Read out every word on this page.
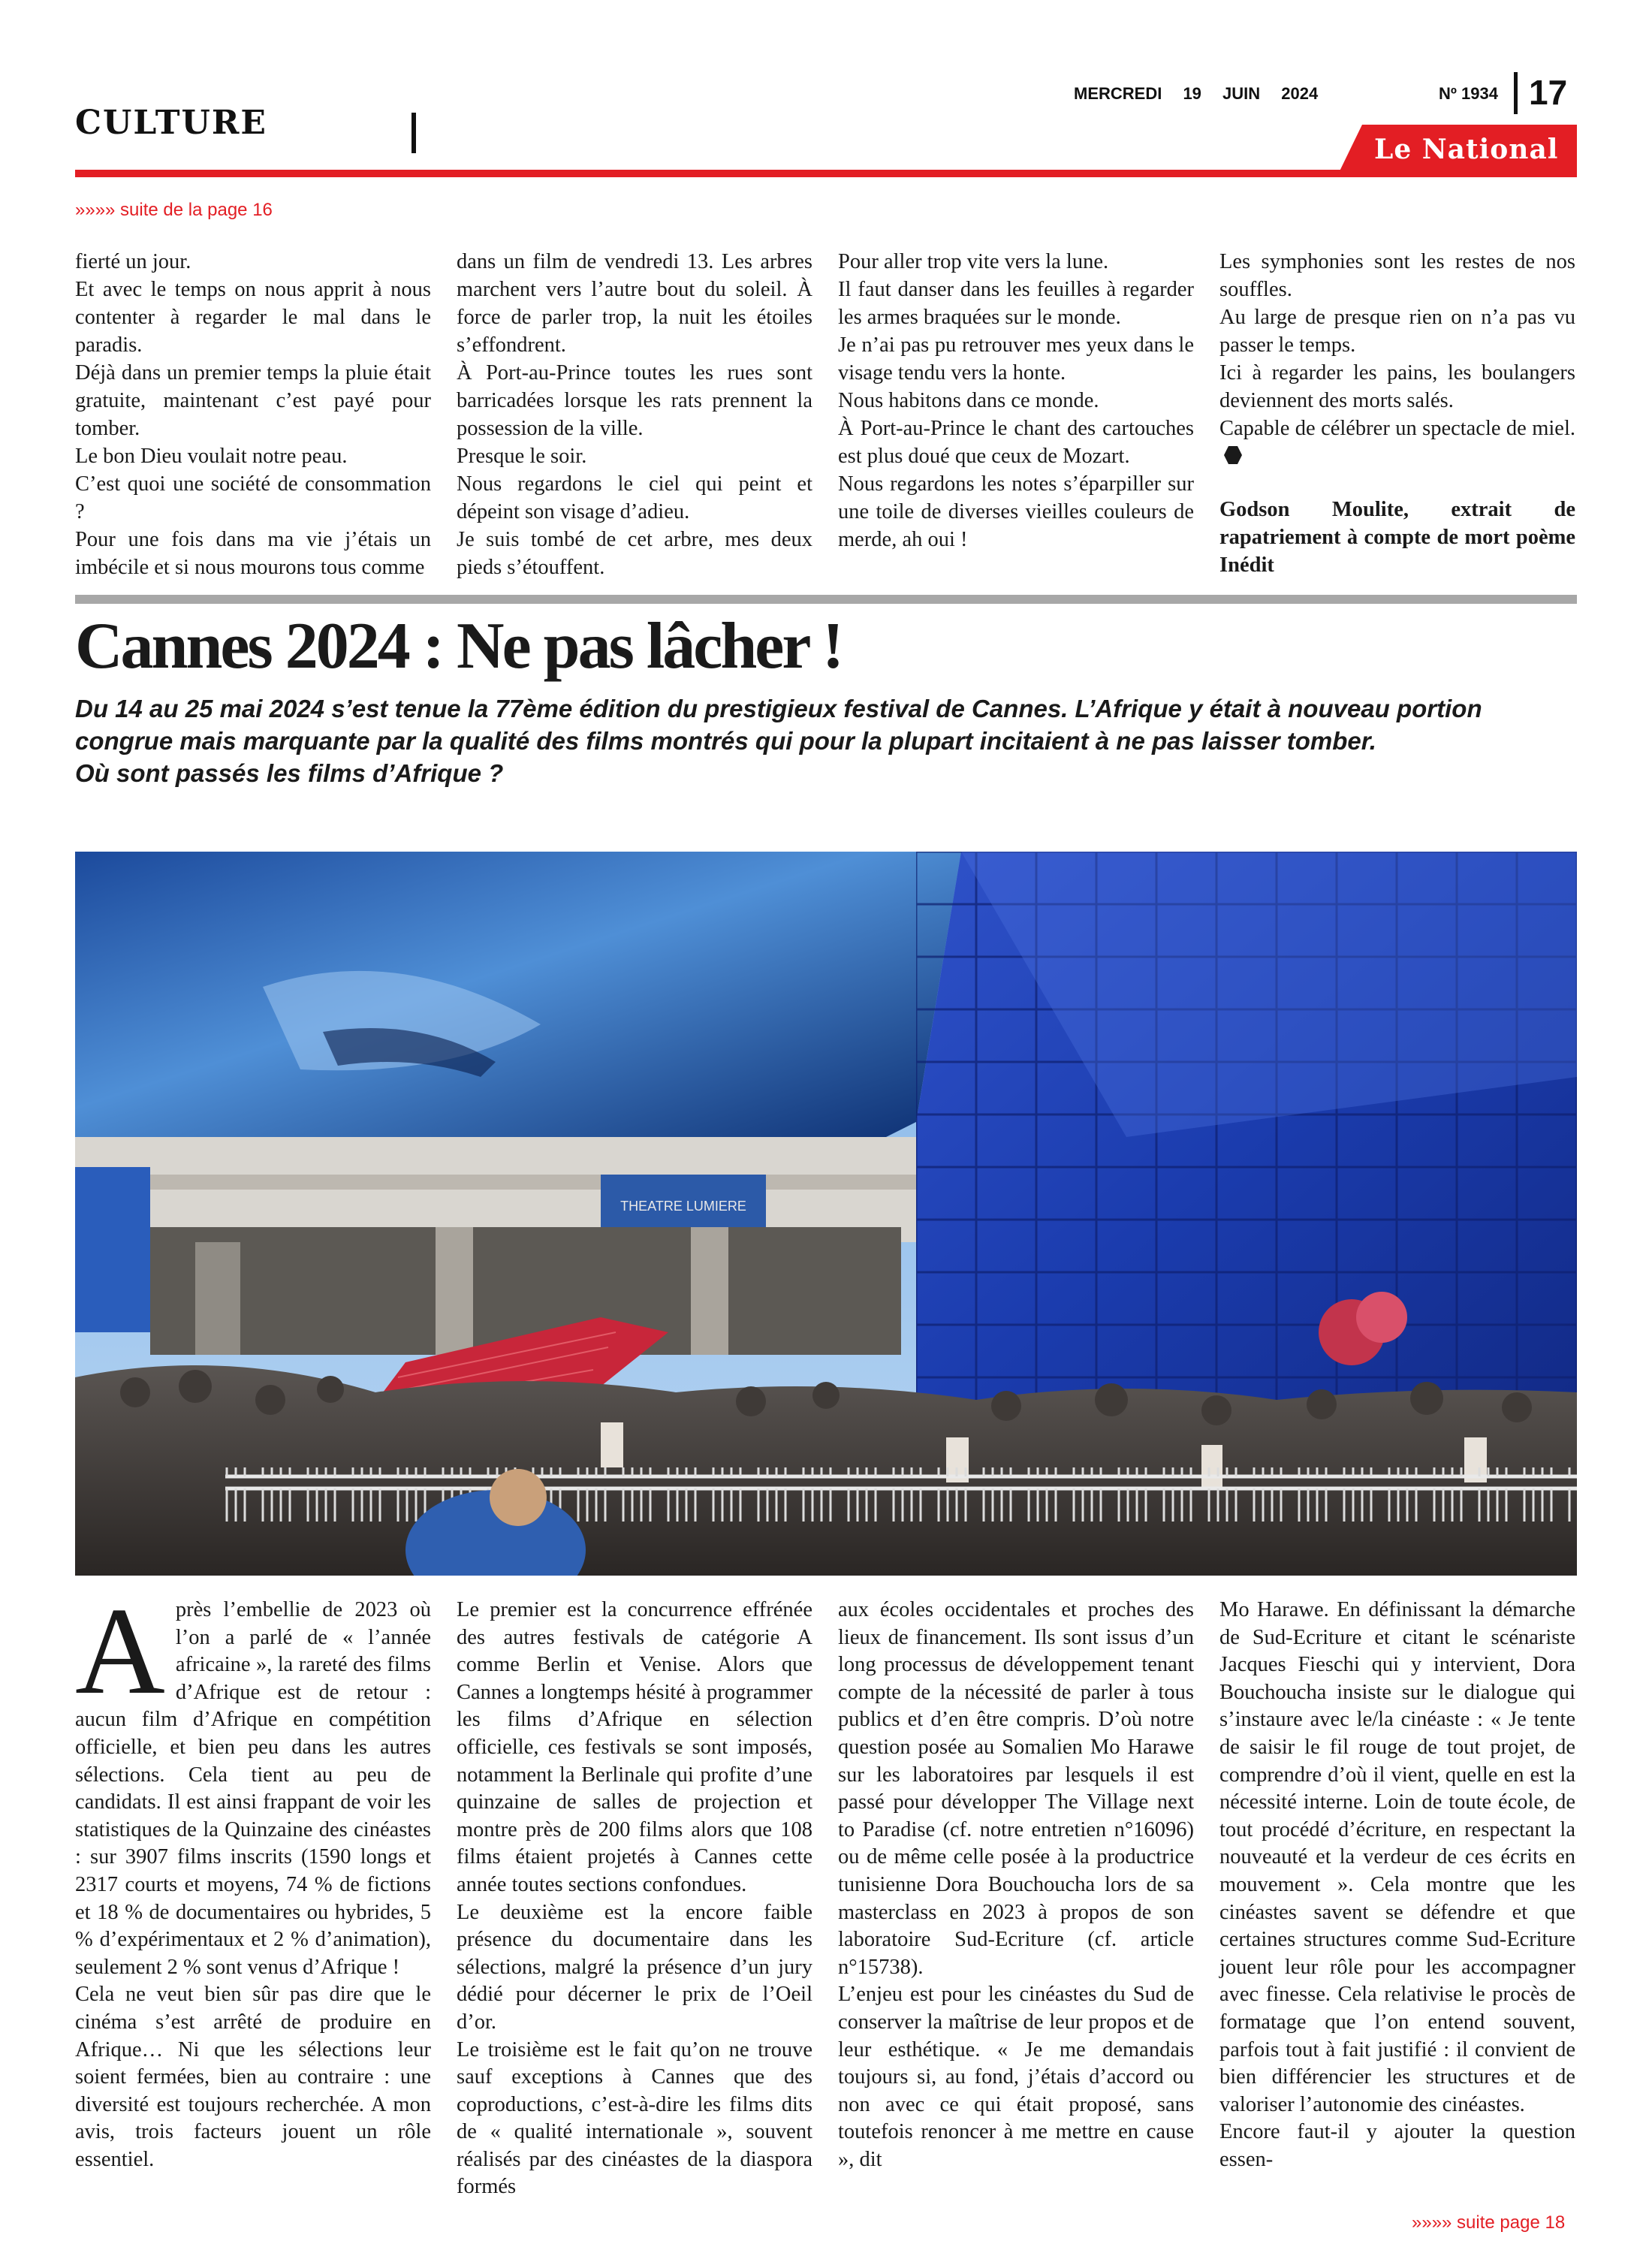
CULTURE
MERCREDI 19 JUIN 2024	Nº 1934 17
Le National
»»»» suite de la page 16

fierté un jour.

Et avec le temps on nous apprit à nous contenter à regarder le mal dans le paradis.

Déjà dans un premier temps la pluie était gratuite, maintenant c’est payé pour tomber.

Le bon Dieu voulait notre peau.

C’est quoi une société de consommation ?

Pour une fois dans ma vie j’étais un imbécile et si nous mourons tous comme

dans un film de vendredi 13. Les arbres marchent vers l’autre bout du soleil. À force de parler trop, la nuit les étoiles s’effondrent.

À Port-au-Prince toutes les rues sont barricadées lorsque les rats prennent la possession de la ville.

Presque le soir.

Nous regardons le ciel qui peint et dépeint son visage d’adieu.

Je suis tombé de cet arbre, mes deux pieds s’étouffent.

Pour aller trop vite vers la lune.

Il faut danser dans les feuilles à regarder les armes braquées sur le monde.

Je n’ai pas pu retrouver mes yeux dans le visage tendu vers la honte.

Nous habitons dans ce monde.

À Port-au-Prince le chant des cartouches est plus doué que ceux de Mozart.

Nous regardons les notes s’éparpiller sur une toile de diverses vieilles couleurs de merde, ah oui !

Les symphonies sont les restes de nos souffles.

Au large de presque rien on n’a pas vu passer le temps.

Ici à regarder les pains, les boulangers deviennent des morts salés.

Capable de célébrer un spectacle de miel.

Godson Moulite, extrait de rapatriement à compte de mort poème Inédit

Cannes 2024 : Ne pas lâcher !

Du 14 au 25 mai 2024 s’est tenue la 77ème édition du prestigieux festival de Cannes. L’Afrique y était à nouveau portion congrue mais marquante par la qualité des films montrés qui pour la plupart incitaient à ne pas laisser tomber.

Où sont passés les films d’Afrique ?

THEATRE LUMIERE

Après l’embellie de 2023 où l’on a parlé de « l’année africaine », la rareté des films d’Afrique est de retour : aucun film d’Afrique en compétition officielle, et bien peu dans les autres sélections. Cela tient au peu de candidats. Il est ainsi frappant de voir les statistiques de la Quinzaine des cinéastes : sur 3907 films inscrits (1590 longs et 2317 courts et moyens, 74 % de fictions et 18 % de documentaires ou hybrides, 5 % d’expérimentaux et 2 % d’animation), seulement 2 % sont venus d’Afrique !

Cela ne veut bien sûr pas dire que le cinéma s’est arrêté de produire en Afrique… Ni que les sélections leur soient fermées, bien au contraire : une diversité est toujours recherchée. A mon avis, trois facteurs jouent un rôle essentiel.

Le premier est la concurrence effrénée des autres festivals de catégorie A comme Berlin et Venise. Alors que Cannes a longtemps hésité à programmer les films d’Afrique en sélection officielle, ces festivals se sont imposés, notamment la Berlinale qui profite d’une quinzaine de salles de projection et montre près de 200 films alors que 108 films étaient projetés à Cannes cette année toutes sections confondues.

Le deuxième est la encore faible présence du documentaire dans les sélections, malgré la présence d’un jury dédié pour décerner le prix de l’Oeil d’or.

Le troisième est le fait qu’on ne trouve sauf exceptions à Cannes que des coproductions, c’est-à-dire les films dits de « qualité internationale », souvent réalisés par des cinéastes de la diaspora formés

aux écoles occidentales et proches des lieux de financement. Ils sont issus d’un long processus de développement tenant compte de la nécessité de parler à tous publics et d’en être compris. D’où notre question posée au Somalien Mo Harawe sur les laboratoires par lesquels il est passé pour développer The Village next to Paradise (cf. notre entretien n°16096) ou de même celle posée à la productrice tunisienne Dora Bouchoucha lors de sa masterclass en 2023 à propos de son laboratoire Sud-Ecriture (cf. article n°15738).

L’enjeu est pour les cinéastes du Sud de conserver la maîtrise de leur propos et de leur esthétique. « Je me demandais toujours si, au fond, j’étais d’accord ou non avec ce qui était proposé, sans toutefois renoncer à me mettre en cause », dit

Mo Harawe. En définissant la démarche de Sud-Ecriture et citant le scénariste Jacques Fieschi qui y intervient, Dora Bouchoucha insiste sur le dialogue qui s’instaure avec le/la cinéaste : « Je tente de saisir le fil rouge de tout projet, de comprendre d’où il vient, quelle en est la nécessité interne. Loin de toute école, de tout procédé d’écriture, en respectant la nouveauté et la verdeur de ces écrits en mouvement ». Cela montre que les cinéastes savent se défendre et que certaines structures comme Sud-Ecriture jouent leur rôle pour les accompagner avec finesse. Cela relativise le procès de formatage que l’on entend souvent, parfois tout à fait justifié : il convient de bien différencier les structures et de valoriser l’autonomie des cinéastes.

Encore faut-il y ajouter la question essen-

»»»» suite page 18
